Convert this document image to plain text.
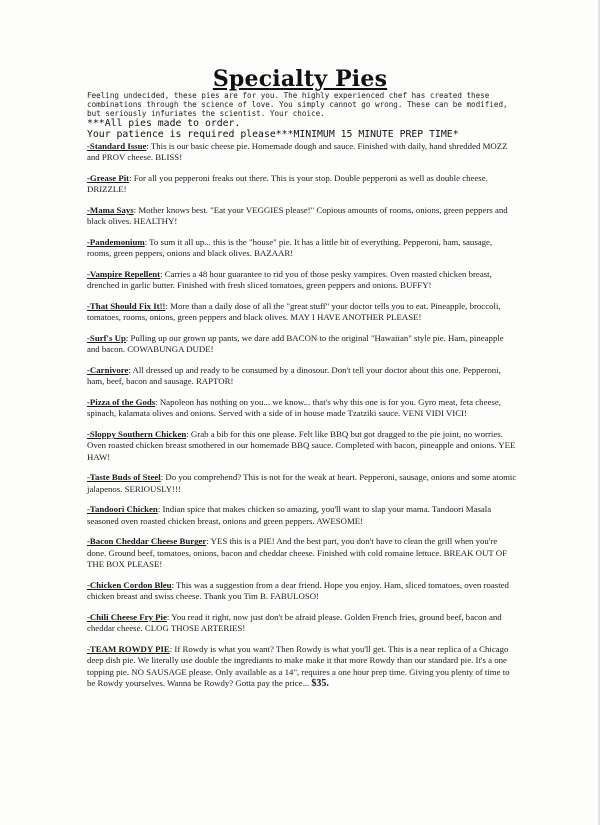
Specialty Pies
Feeling undecided, these pies are for you. The highly experienced chef has created these combinations through the science of love. You simply cannot go wrong. These can be modified, but seriously infuriates the scientist. Your choice.
***All pies made to order.
Your patience is required please***MINIMUM 15 MINUTE PREP TIME*
-Standard Issue: This is our basic cheese pie. Homemade dough and sauce. Finished with daily, hand shredded MOZZ and PROV cheese. BLISS!
-Grease Pit: For all you pepperoni freaks out there. This is your stop. Double pepperoni as well as double cheese. DRIZZLE!
-Mama Says: Mother knows best. "Eat your VEGGIES please!" Copious amounts of rooms, onions, green peppers and black olives. HEALTHY!
-Pandemonium: To sum it all up... this is the "house" pie. It has a little bit of everything. Pepperoni, ham, sausage, rooms, green peppers, onions and black olives. BAZAAR!
-Vampire Repellent: Carries a 48 hour guarantee to rid you of those pesky vampires. Oven roasted chicken breast, drenched in garlic butter. Finished with fresh sliced tomatoes, green peppers and onions. BUFFY!
-That Should Fix It!!: More than a daily dose of all the "great stuff" your doctor tells you to eat. Pineapple, broccoli, tomatoes, rooms, onions, green peppers and black olives. MAY I HAVE ANOTHER PLEASE!
-Surf's Up: Pulling up our grown up pants, we dare add BACON to the original "Hawaiian" style pie. Ham, pineapple and bacon. COWABUNGA DUDE!
-Carnivore: All dressed up and ready to be consumed by a dinosour. Don't tell your doctor about this one. Pepperoni, ham, beef, bacon and sausage. RAPTOR!
-Pizza of the Gods: Napoleon has nothing on you... we know... that's why this one is for you. Gyro meat, feta cheese, spinach, kalamata olives and onions. Served with a side of in house made Tzatziki sauce. VENI VIDI VICI!
-Sloppy Southern Chicken: Grab a bib for this one please. Felt like BBQ but got dragged to the pie joint, no worries. Oven roasted chicken breast smothered in our homemade BBQ sauce. Completed with bacon, pineapple and onions. YEE HAW!
-Taste Buds of Steel: Do you comprehend? This is not for the weak at heart. Pepperoni, sausage, onions and some atomic jalapenos. SERIOUSLY!!!
-Tandoori Chicken: Indian spice that makes chicken so amazing, you'll want to slap your mama. Tandoori Masala seasoned oven roasted chicken breast, onions and green peppers. AWESOME!
-Bacon Cheddar Cheese Burger: YES this is a PIE! And the best part, you don't have to clean the grill when you're done. Ground beef, tomatoes, onions, bacon and cheddar cheese. Finished with cold romaine lettuce. BREAK OUT OF THE BOX PLEASE!
-Chicken Cordon Bleu: This was a suggestion from a dear friend. Hope you enjoy. Ham, sliced tomatoes, oven roasted chicken breast and swiss cheese. Thank you Tim B. FABULOSO!
-Chili Cheese Fry Pie: You read it right, now just don't be afraid please. Golden French fries, ground beef, bacon and cheddar cheese. CLOG THOSE ARTERIES!
-TEAM ROWDY PIE: If Rowdy is what you want? Then Rowdy is what you'll get. This is a near replica of a Chicago deep dish pie. We literally use double the ingrediants to make make it that more Rowdy than our standard pie. It's a one topping pie. NO SAUSAGE please. Only available as a 14", requires a one hour prep time. Giving you plenty of time to be Rowdy yourselves. Wanna be Rowdy? Gotta pay the price... $35.
